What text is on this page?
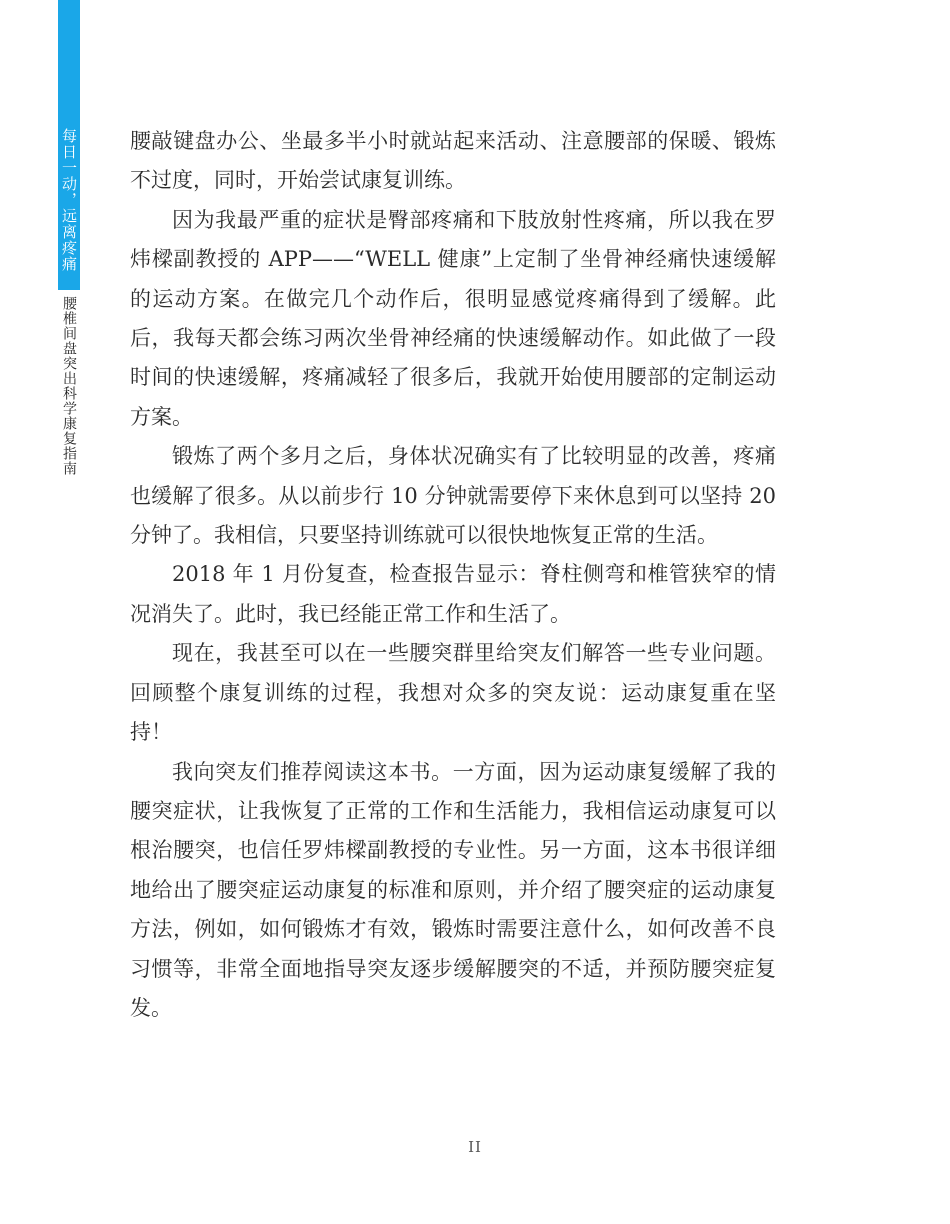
每日一动，远离疼痛
腰椎间盘突出科学康复指南

腰敲键盘办公、坐最多半小时就站起来活动、注意腰部的保暖、锻炼不过度，同时，开始尝试康复训练。

因为我最严重的症状是臀部疼痛和下肢放射性疼痛，所以我在罗炜樑副教授的 APP——“WELL 健康”上定制了坐骨神经痛快速缓解的运动方案。在做完几个动作后，很明显感觉疼痛得到了缓解。此后，我每天都会练习两次坐骨神经痛的快速缓解动作。如此做了一段时间的快速缓解，疼痛减轻了很多后，我就开始使用腰部的定制运动方案。

锻炼了两个多月之后，身体状况确实有了比较明显的改善，疼痛也缓解了很多。从以前步行 10 分钟就需要停下来休息到可以坚持 20 分钟了。我相信，只要坚持训练就可以很快地恢复正常的生活。

2018 年 1 月份复查，检查报告显示：脊柱侧弯和椎管狭窄的情况消失了。此时，我已经能正常工作和生活了。

现在，我甚至可以在一些腰突群里给突友们解答一些专业问题。回顾整个康复训练的过程，我想对众多的突友说：运动康复重在坚持！

我向突友们推荐阅读这本书。一方面，因为运动康复缓解了我的腰突症状，让我恢复了正常的工作和生活能力，我相信运动康复可以根治腰突，也信任罗炜樑副教授的专业性。另一方面，这本书很详细地给出了腰突症运动康复的标准和原则，并介绍了腰突症的运动康复方法，例如，如何锻炼才有效，锻炼时需要注意什么，如何改善不良习惯等，非常全面地指导突友逐步缓解腰突的不适，并预防腰突症复发。

II
